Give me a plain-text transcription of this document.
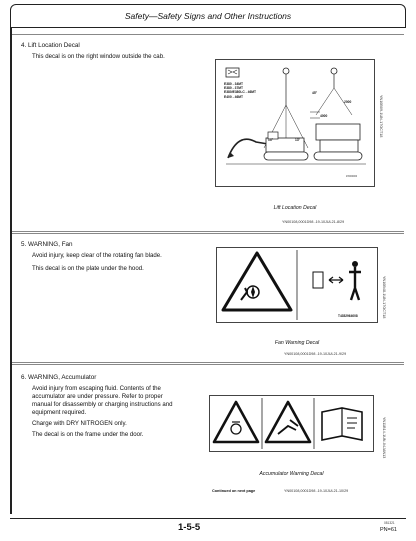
Safety—Safety Signs and Other Instructions
4. Lift Location Decal
This decal is on the right window outside the cab.
ZX000000
E380 - 34MT
E380 - 37MT
E380/E380LC - 46MT
E400 - 46MT
45°
13°	13°
2000
4000	YN10B09-1UN-17OCT18
Lift Location Decal
YN00108,0001D98 -19-10JUL21-8/29
5. WARNING, Fan
Avoid injury, keep clear of the rotating fan blade.
This decal is on the plate under the hood.
T4352964008	YN10B48-1UN-17OCT18
Fan Warning Decal
YN00108,0001D98 -19-10JUL21-9/29
6. WARNING, Accumulator
Avoid injury from escaping fluid. Contents of the
accumulator are under pressure. Refer to proper
manual for disassembly or charging instructions and
equipment required.
Charge with DRY NITROGEN only.
The decal is on the frame under the door.	YN11B14-1UN-04JAN13
Accumulator Warning Decal
Continued on next page	YN00108,0001D98 -19-10JUL21-10/29
1-5-5	081321
PN=61
